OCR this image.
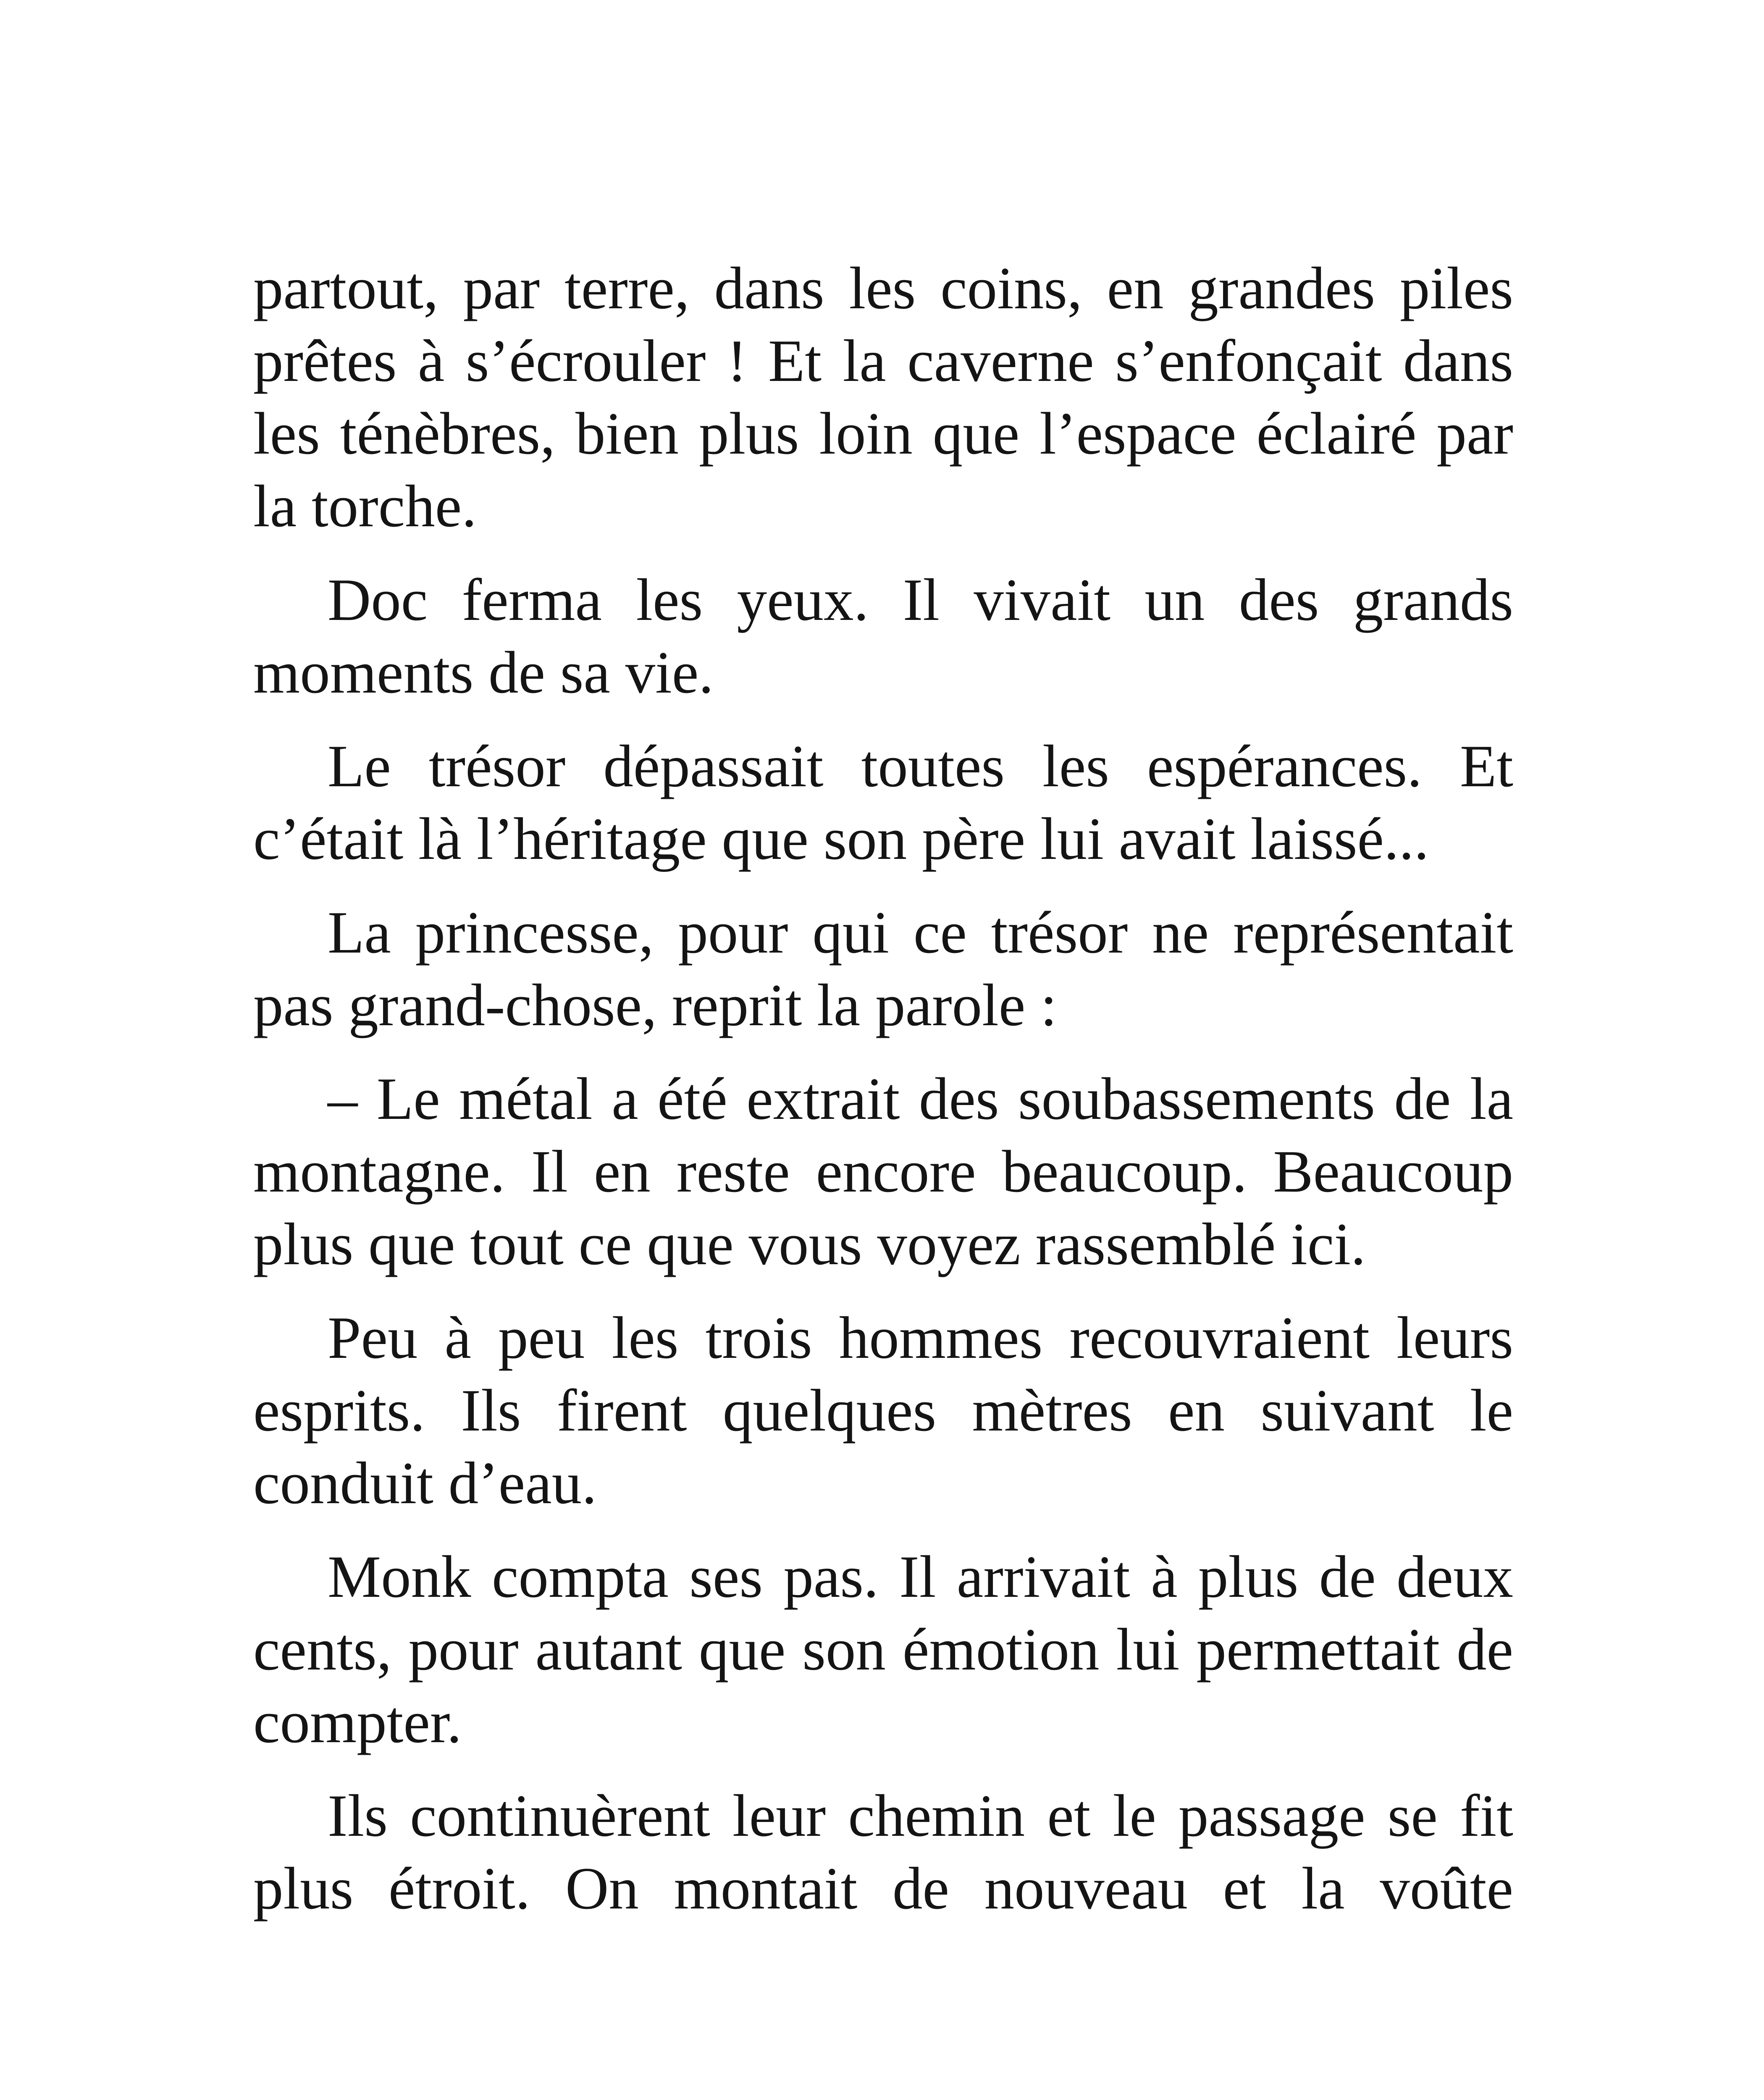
partout, par terre, dans les coins, en grandes piles prêtes à s’écrouler ! Et la caverne s’enfonçait dans les ténèbres, bien plus loin que l’espace éclairé par la torche.

Doc ferma les yeux. Il vivait un des grands moments de sa vie.

Le trésor dépassait toutes les espérances. Et c’était là l’héritage que son père lui avait laissé...

La princesse, pour qui ce trésor ne représentait pas grand-chose, reprit la parole :

– Le métal a été extrait des soubassements de la montagne. Il en reste encore beaucoup. Beaucoup plus que tout ce que vous voyez rassemblé ici.

Peu à peu les trois hommes recouvraient leurs esprits. Ils firent quelques mètres en suivant le conduit d’eau.

Monk compta ses pas. Il arrivait à plus de deux cents, pour autant que son émotion lui permettait de compter.

Ils continuèrent leur chemin et le passage se fit plus étroit. On montait de nouveau et la voûte
